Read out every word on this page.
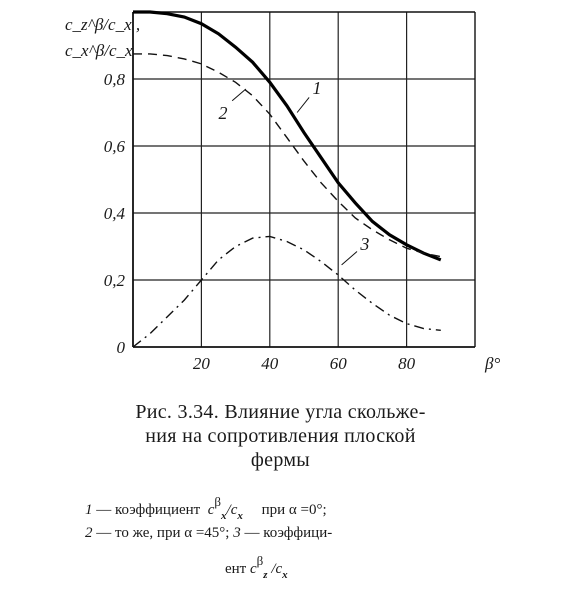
20	40	60	80
0
0,2
0,4
0,6
0,8
β°
c_z^β/c_x ,
c_x^β/c_x
1
2
3
Рис. 3.34. Влияние угла скольже-
ния на сопротивления плоской
фермы
1 — коэффициент  $c\beta_x/c_x$ при α =0°;
2 — то же, при α =45°; 3 — коэффици-
ент $c\beta_z$ $/c_x$
